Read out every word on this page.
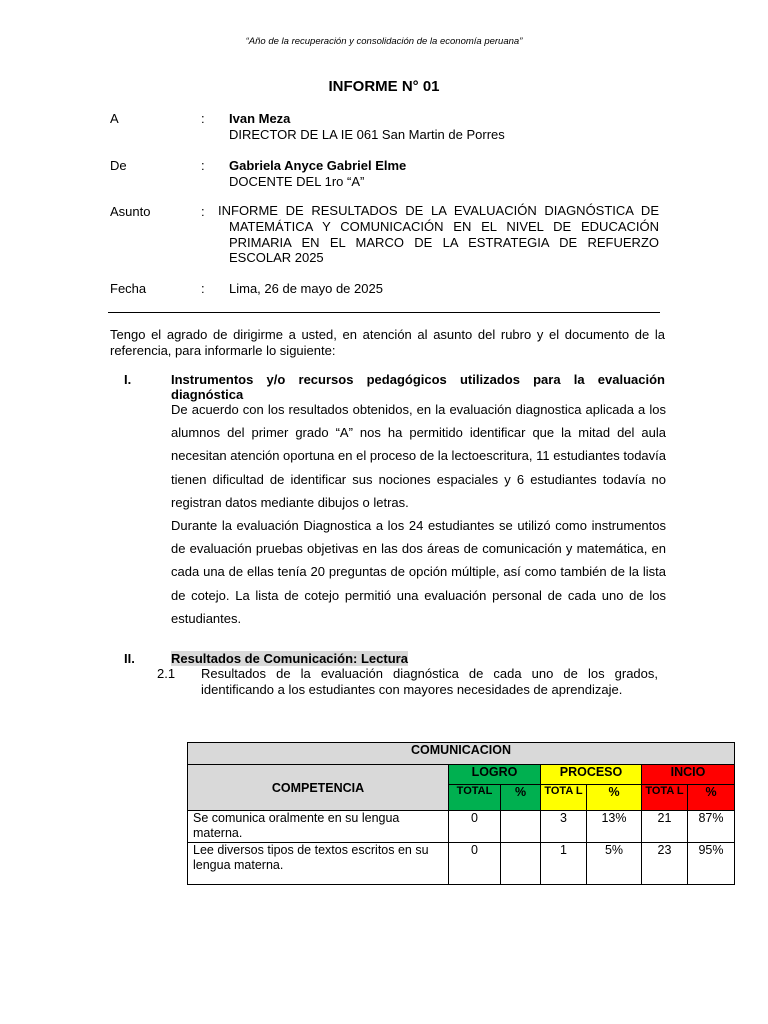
“Año de la recuperación y consolidación de la economía peruana”
INFORME N° 01
A	: Ivan Meza
DIRECTOR DE LA IE 061 San Martin de Porres
De	: Gabriela Anyce Gabriel Elme
DOCENTE DEL 1ro “A”
Asunto	: INFORME DE RESULTADOS DE LA EVALUACIÓN DIAGNÓSTICA DE MATEMÁTICA Y COMUNICACIÓN EN EL NIVEL DE EDUCACIÓN PRIMARIA EN EL MARCO DE LA ESTRATEGIA DE REFUERZO ESCOLAR 2025
Fecha	: Lima, 26 de mayo de 2025
Tengo el agrado de dirigirme a usted, en atención al asunto del rubro y el documento de la referencia, para informarle lo siguiente:
I.	Instrumentos y/o recursos pedagógicos utilizados para la evaluación diagnóstica
De acuerdo con los resultados obtenidos, en la evaluación diagnostica aplicada a los alumnos del primer grado “A” nos ha permitido identificar que la mitad del aula necesitan atención oportuna en el proceso de la lectoescritura, 11 estudiantes todavía tienen dificultad de identificar sus nociones espaciales y 6 estudiantes todavía no registran datos mediante dibujos o letras.
Durante la evaluación Diagnostica a los 24 estudiantes se utilizó como instrumentos de evaluación pruebas objetivas en las dos áreas de comunicación y matemática, en cada una de ellas tenía 20 preguntas de opción múltiple, así como también de la lista de cotejo. La lista de cotejo permitió una evaluación personal de cada uno de los estudiantes.
II.	Resultados de Comunicación: Lectura
2.1 Resultados de la evaluación diagnóstica de cada uno de los grados, identificando a los estudiantes con mayores necesidades de aprendizaje.
COMUNICACION						
COMPETENCIA	LOGRO		PROCESO		INCIO	
	TOTAL	%	TOTA L	%	TOTA L	%
Se comunica oralmente en su lengua materna.	0		3	13%	21	87%
Lee diversos tipos de textos escritos en su lengua materna.	0		1	5%	23	95%
